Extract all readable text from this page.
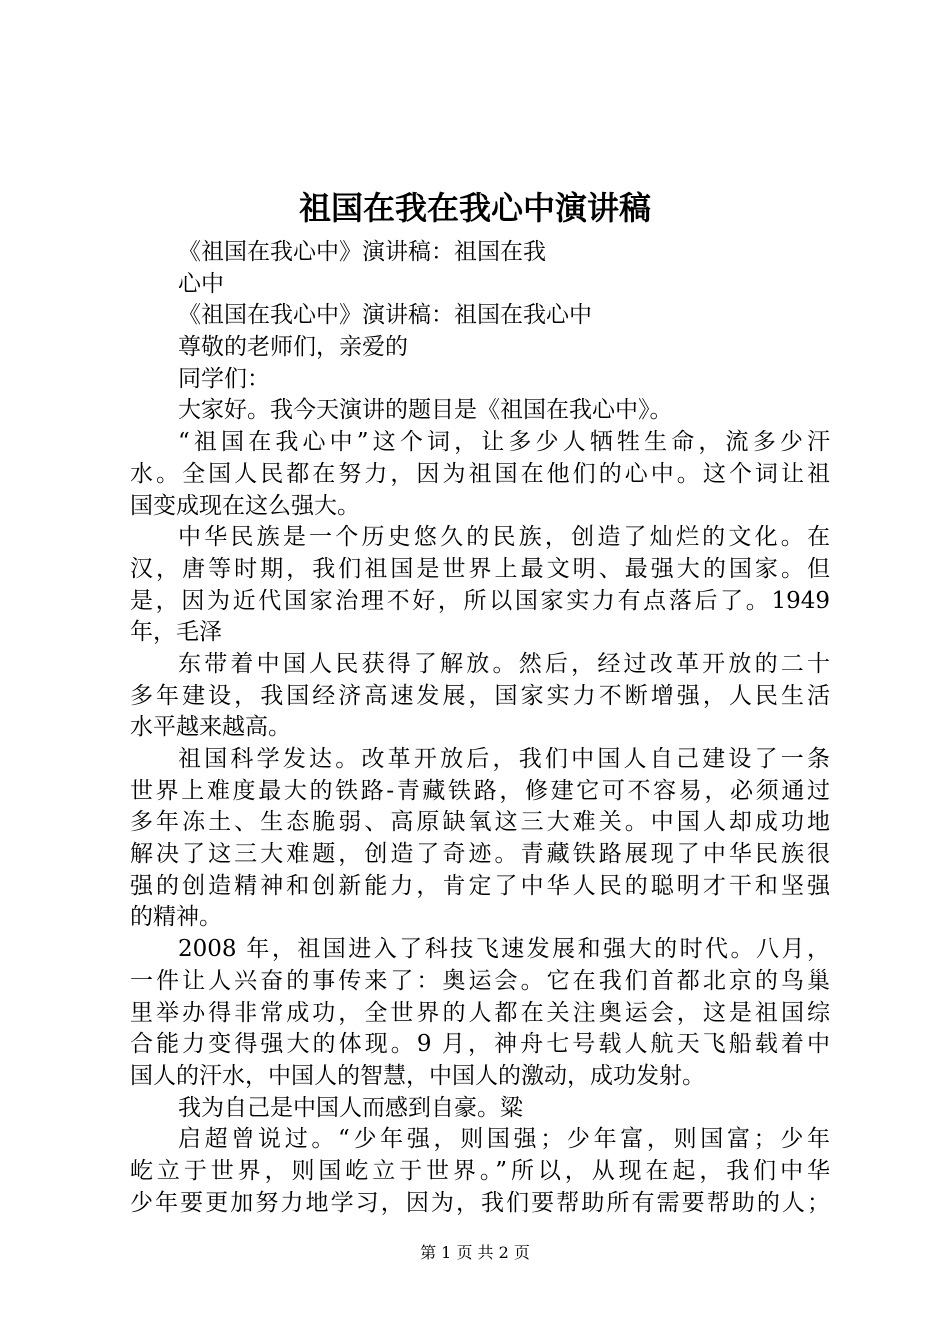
祖国在我在我心中演讲稿
《祖国在我心中》演讲稿：祖国在我
心中
《祖国在我心中》演讲稿：祖国在我心中
尊敬的老师们，亲爱的
同学们：
大家好。我今天演讲的题目是《祖国在我心中》。
“祖国在我心中”这个词，让多少人牺牲生命，流多少汗
水。全国人民都在努力，因为祖国在他们的心中。这个词让祖
国变成现在这么强大。
中华民族是一个历史悠久的民族，创造了灿烂的文化。在
汉，唐等时期，我们祖国是世界上最文明、最强大的国家。但
是，因为近代国家治理不好，所以国家实力有点落后了。1949
年，毛泽
东带着中国人民获得了解放。然后，经过改革开放的二十
多年建设，我国经济高速发展，国家实力不断增强，人民生活
水平越来越高。
祖国科学发达。改革开放后，我们中国人自己建设了一条
世界上难度最大的铁路-青藏铁路，修建它可不容易，必须通过
多年冻土、生态脆弱、高原缺氧这三大难关。中国人却成功地
解决了这三大难题，创造了奇迹。青藏铁路展现了中华民族很
强的创造精神和创新能力，肯定了中华人民的聪明才干和坚强
的精神。
2008 年，祖国进入了科技飞速发展和强大的时代。八月，
一件让人兴奋的事传来了：奥运会。它在我们首都北京的鸟巢
里举办得非常成功，全世界的人都在关注奥运会，这是祖国综
合能力变得强大的体现。9 月，神舟七号载人航天飞船载着中
国人的汗水，中国人的智慧，中国人的激动，成功发射。
我为自己是中国人而感到自豪。粱
启超曾说过。“少年强，则国强；少年富，则国富；少年
屹立于世界，则国屹立于世界。”所以，从现在起，我们中华
少年要更加努力地学习，因为，我们要帮助所有需要帮助的人；
第 1 页 共 2 页
